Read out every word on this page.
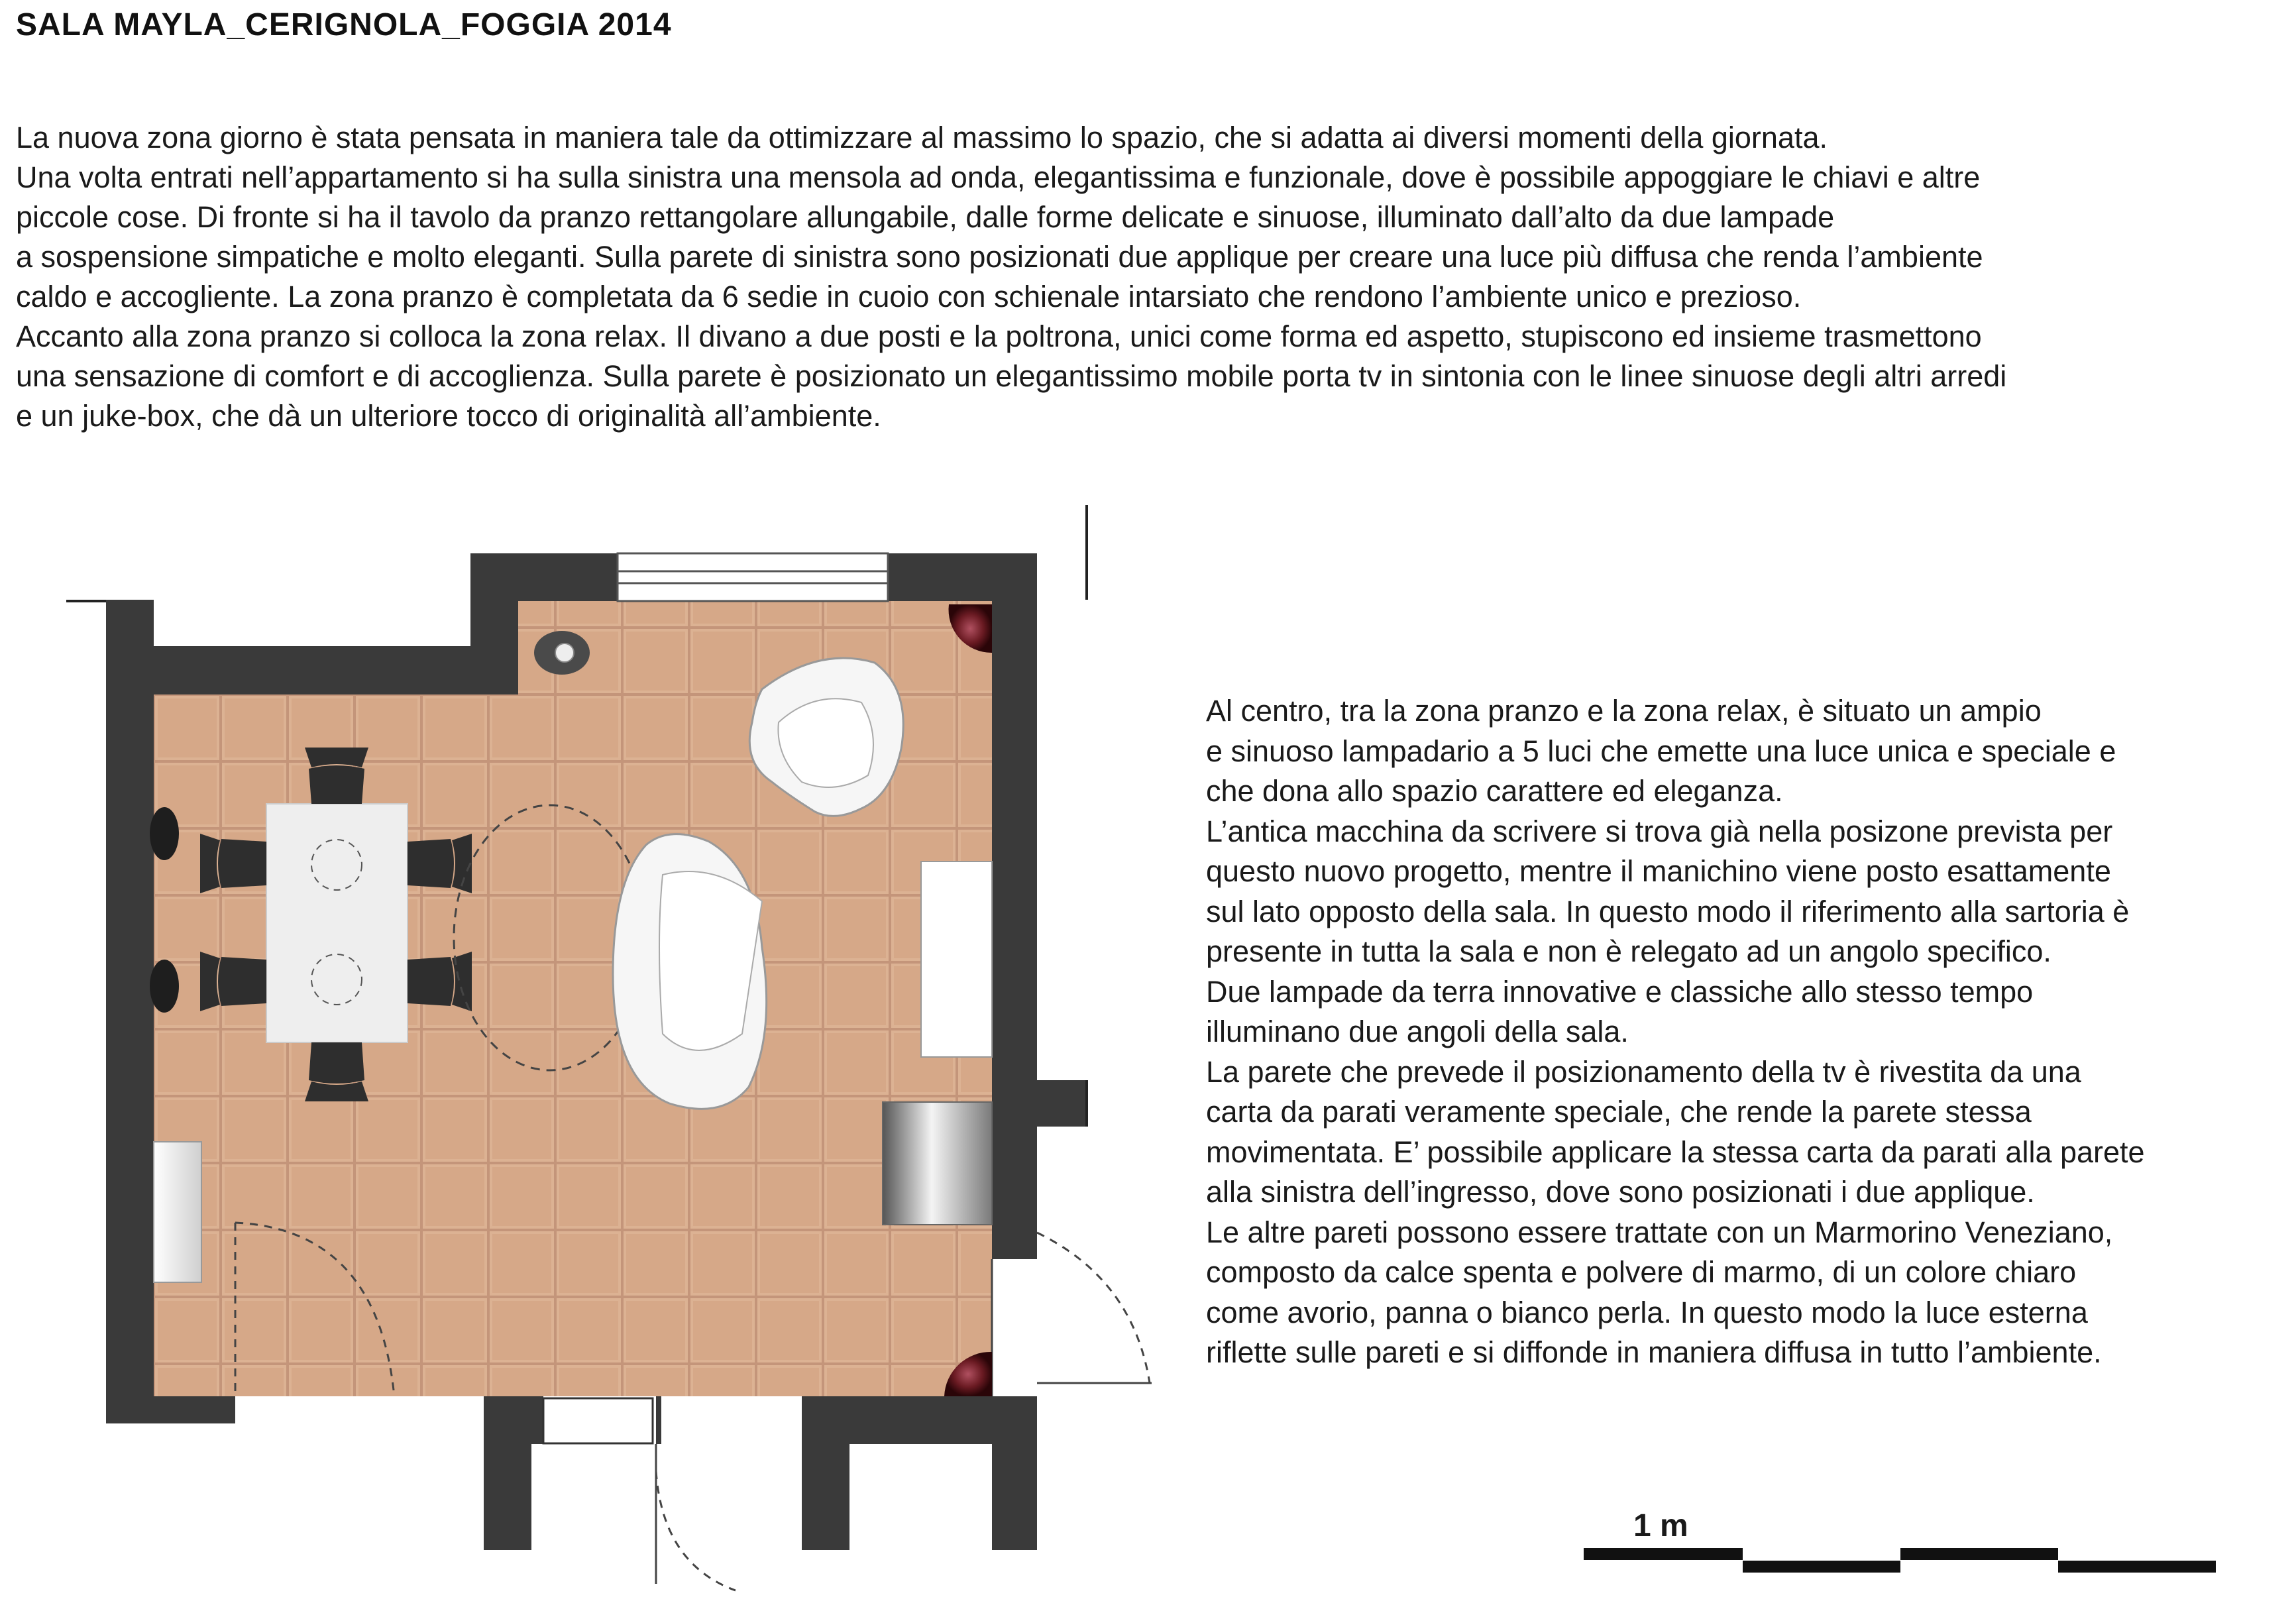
SALA MAYLA_CERIGNOLA_FOGGIA 2014
La nuova zona giorno è stata pensata in maniera tale da ottimizzare al massimo lo spazio, che si adatta ai diversi momenti della giornata.
Una volta entrati nell’appartamento si ha sulla sinistra una mensola ad onda, elegantissima e funzionale, dove è possibile appoggiare le chiavi e altre
piccole cose. Di fronte si ha il tavolo da pranzo rettangolare allungabile, dalle forme delicate e sinuose, illuminato dall’alto da due lampade
a sospensione simpatiche e molto eleganti. Sulla parete di sinistra sono posizionati due applique per creare una luce più diffusa che renda l’ambiente
caldo e accogliente. La zona pranzo è completata da 6 sedie in cuoio con schienale intarsiato che rendono l’ambiente unico e prezioso.
Accanto alla zona pranzo si colloca la zona relax. Il divano a due posti e la poltrona, unici come forma ed aspetto, stupiscono ed insieme trasmettono
una sensazione di comfort e di accoglienza. Sulla parete è posizionato un elegantissimo mobile porta tv in sintonia con le linee sinuose degli altri arredi
e un juke-box, che dà un ulteriore tocco di originalità all’ambiente.
1 m
Al centro, tra la zona pranzo e la zona relax, è situato un ampio
e sinuoso lampadario a 5 luci che emette una luce unica e speciale e
che dona allo spazio carattere ed eleganza.
L’antica macchina da scrivere si trova già nella posizone prevista per
questo nuovo progetto, mentre il manichino viene posto esattamente
sul lato opposto della sala. In questo modo il riferimento alla sartoria è
presente in tutta la sala e non è relegato ad un angolo specifico.
Due lampade da terra innovative e classiche allo stesso tempo
illuminano due angoli della sala.
La parete che prevede il posizionamento della tv è rivestita da una
carta da parati veramente speciale, che rende la parete stessa
movimentata. E’ possibile applicare la stessa carta da parati alla parete
alla sinistra dell’ingresso, dove sono posizionati i due applique.
Le altre pareti possono essere trattate con un Marmorino Veneziano,
composto da calce spenta e polvere di marmo, di un colore chiaro
come avorio, panna o bianco perla. In questo modo la luce esterna
riflette sulle pareti e si diffonde in maniera diffusa in tutto l’ambiente.
